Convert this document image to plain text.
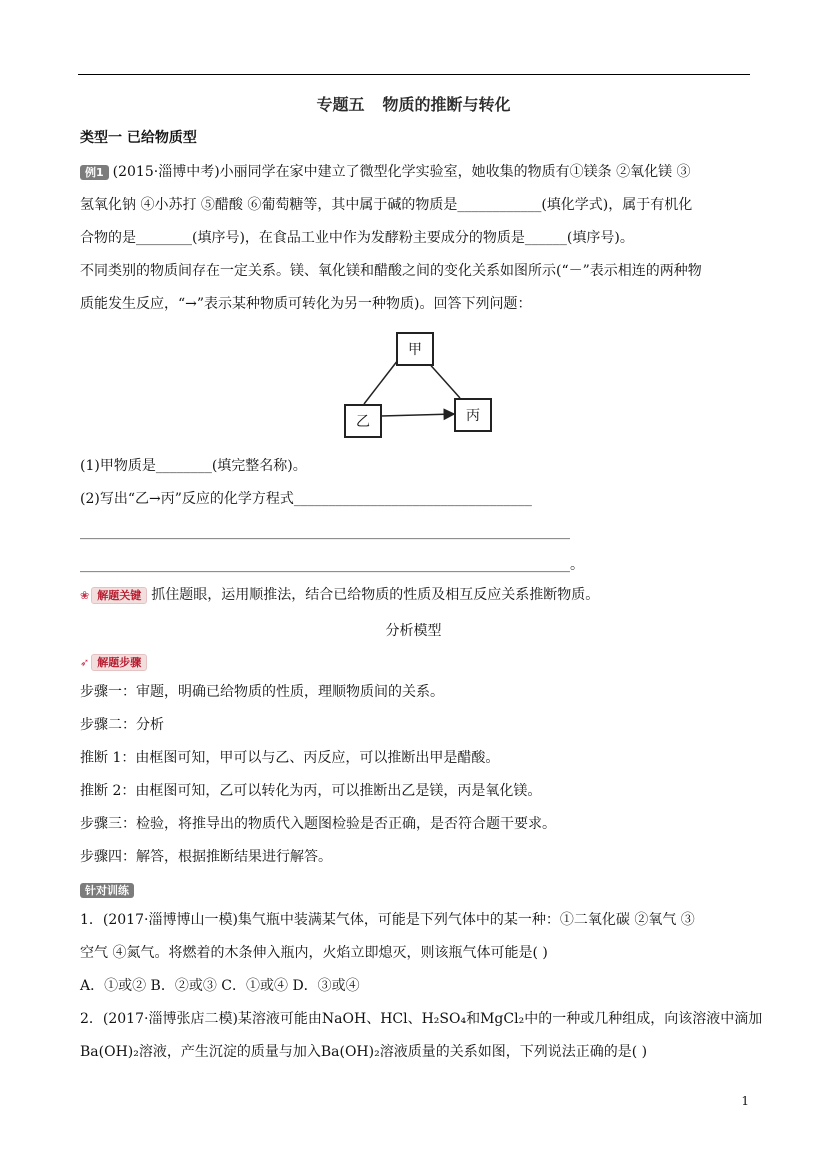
专题五 物质的推断与转化
类型一 已给物质型
例1 (2015·淄博中考)小丽同学在家中建立了微型化学实验室，她收集的物质有①镁条 ②氧化镁 ③
氢氧化钠 ④小苏打 ⑤醋酸 ⑥葡萄糖等，其中属于碱的物质是____________(填化学式)，属于有机化
合物的是________(填序号)，在食品工业中作为发酵粉主要成分的物质是______(填序号)。
不同类别的物质间存在一定关系。镁、氧化镁和醋酸之间的变化关系如图所示(“－”表示相连的两种物
质能发生反应，“→”表示某种物质可转化为另一种物质)。回答下列问题：
甲
乙	丙
(1)甲物质是________(填完整名称)。
(2)写出“乙→丙”反应的化学方程式__________________________________
______________________________________________________________________
______________________________________________________________________。
❀ 解题关键 抓住题眼，运用顺推法，结合已给物质的性质及相互反应关系推断物质。
分析模型
➶ 解题步骤
步骤一：审题，明确已给物质的性质，理顺物质间的关系。
步骤二：分析
推断 1：由框图可知，甲可以与乙、丙反应，可以推断出甲是醋酸。
推断 2：由框图可知，乙可以转化为丙，可以推断出乙是镁，丙是氧化镁。
步骤三：检验，将推导出的物质代入题图检验是否正确，是否符合题干要求。
步骤四：解答，根据推断结果进行解答。
针对训练
1．(2017·淄博博山一模)集气瓶中装满某气体，可能是下列气体中的某一种：①二氧化碳 ②氧气 ③
空气 ④氮气。将燃着的木条伸入瓶内，火焰立即熄灭，则该瓶气体可能是( )
A．①或② B．②或③ C．①或④ D．③或④
2．(2017·淄博张店二模)某溶液可能由NaOH、HCl、H₂SO₄和MgCl₂中的一种或几种组成，向该溶液中滴加
Ba(OH)₂溶液，产生沉淀的质量与加入Ba(OH)₂溶液质量的关系如图，下列说法正确的是( )
1
